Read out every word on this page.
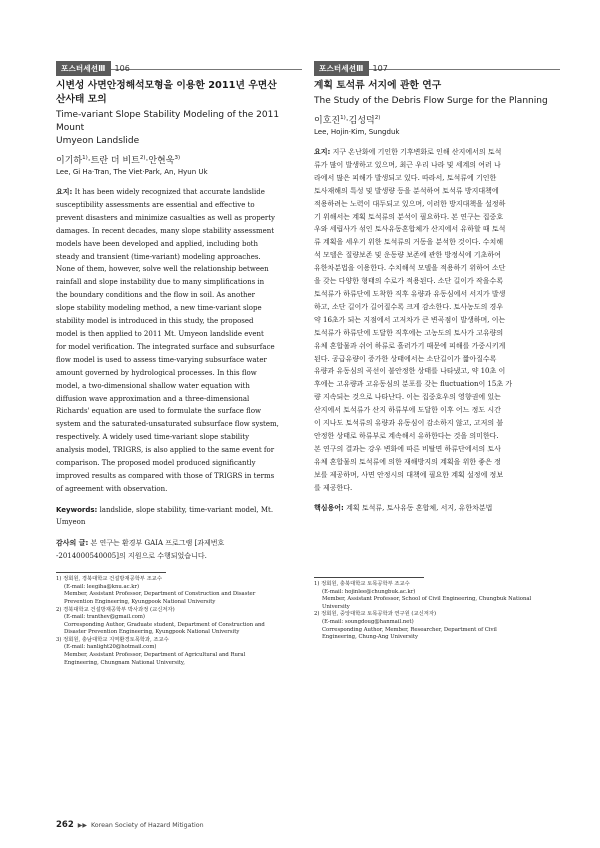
포스터세션Ⅲ 106
시변성 사면안정해석모형을 이용한 2011년 우면산
산사태 모의
Time-variant Slope Stability Modeling of the 2011 Mount
Umyeon Landslide
이기하$^{1)}$·트란 더 비트$^{2)}$·안현욱$^{3)}$
Lee, Gi Ha·Tran, The Viet·Park, An, Hyun Uk
요지: It has been widely recognized that accurate landslide
susceptibility assessments are essential and effective to
prevent disasters and minimize casualties as well as property
damages. In recent decades, many slope stability assessment
models have been developed and applied, including both
steady and transient (time-variant) modeling approaches.
None of them, however, solve well the relationship between
rainfall and slope instability due to many simplifications in
the boundary conditions and the flow in soil. As another
slope stability modeling method, a new time-variant slope
stability model is introduced in this study, the proposed
model is then applied to 2011 Mt. Umyeon landslide event
for model verification. The integrated surface and subsurface
flow model is used to assess time-varying subsurface water
amount governed by hydrological processes. In this flow
model, a two-dimensional shallow water equation with
diffusion wave approximation and a three-dimensional
Richards' equation are used to formulate the surface flow
system and the saturated-unsaturated subsurface flow system,
respectively. A widely used time-variant slope stability
analysis model, TRIGRS, is also applied to the same event for
comparison. The proposed model produced significantly
improved results as compared with those of TRIGRS in terms
of agreement with observation.
Keywords: landslide, slope stability, time-variant model, Mt.
Umyeon
감사의 글: 본 연구는 환경부 GAIA 프로그램 [과제번호
-2014000540005]의 지원으로 수행되었습니다.
1) 정회원, 경북대학교 건설방재공학부 조교수
(E-mail: leegiha@knu.ac.kr)
Member, Assistant Professor, Department of Construction and Disaster
Prevention Engineering, Kyungpook National University
2) 경북대학교 건설방재공학부 박사과정 (교신저자)
(E-mail: tranthev@gmail.com)
Corresponding Author, Graduate student, Department of Construction and
Disaster Prevention Engineering, Kyungpook National University
3) 정회원, 충남대학교 지역환경토목학과, 조교수
(E-mail: hanlight20@hotmail.com)
Member, Assistant Professor, Department of Agricultural and Rural
Engineering, Chungnam National University,
포스터세션Ⅲ 107
계획 토석류 서지에 관한 연구
The Study of the Debris Flow Surge for the Planning
이호진$^{1)}$·김성덕$^{2)}$
Lee, Hojin·Kim, Sungduk
요지: 지구 온난화에 기인한 기후변화로 인해 산지에서의 토석
류가 많이 발생하고 있으며, 최근 우리 나라 및 세계의 여러 나
라에서 많은 피해가 발생되고 있다. 따라서, 토석류에 기인한
토사재해의 특성 및 발생량 등을 분석하여 토석류 방지대책에
적용하려는 노력이 대두되고 있으며, 이러한 방지대책을 설정하
기 위해서는 계획 토석류의 분석이 필요하다. 본 연구는 집중호
우와 세립사가 섞인 토사유동혼합체가 산지에서 유하할 때 토석
류 계획을 세우기 위한 토석류의 거동을 분석한 것이다. 수치해
석 모델은 질량보존 및 운동량 보존에 관한 방정식에 기초하여
유한차분법을 이용한다. 수치해석 모델을 적용하기 위하여 소단
을 갖는 다양한 형태의 수로가 적용된다. 소단 길이가 작을수록
토석류가 하류단에 도착한 직후 유량과 유동심에서 서지가 발생
하고, 소단 길이가 길어질수록 크게 감소한다. 토사농도의 경우
약 16초가 되는 지점에서 고저차가 큰 변곡점이 발생하며, 이는
토석류가 하류단에 도달한 직후에는 고농도의 토사가 고유량의
유체 혼합물과 쉬어 하류로 흘러가기 때문에 피해를 가중시키게
된다. 공급유량이 증가한 상태에서는 소단길이가 짧아질수록
유량과 유동심의 곡선이 불안정한 상태를 나타냈고, 약 10초 이
후에는 고유량과 고유동심의 분포를 갖는 fluctuation이 15초 가
량 지속되는 것으로 나타난다. 이는 집중호우의 영향권에 있는
산지에서 토석류가 산지 하류부에 도달한 이후 어느 정도 시간
이 지나도 토석류의 유량과 유동심이 감소하지 않고, 고저의 불
안정한 상태로 하류부로 계속해서 유하한다는 것을 의미한다.
본 연구의 결과는 강우 변화에 따른 비탈면 하류단에서의 토사
유체 혼합물의 토석류에 의한 재해방지의 계획을 위한 좋은 정
보를 제공하며, 사면 안정시의 대책에 필요한 계획 설정에 정보
를 제공한다.
핵심용어: 계획 토석류, 토사유동 혼합체, 서지, 유한차분법
1) 정회원, 충북대학교 토목공학부 조교수
(E-mail: hojinlee@chungbuk.ac.kr)
Member, Assistant Professor, School of Civil Engineering, Chungbuk National
University
2) 정회원, 중앙대학교 토목공학과 연구원 (교신저자)
(E-mail: soungdoug@hanmail.net)
Corresponding Author, Member, Researcher, Department of Civil
Engineering, Chung-Ang University
262 ▶▶ Korean Society of Hazard Mitigation
